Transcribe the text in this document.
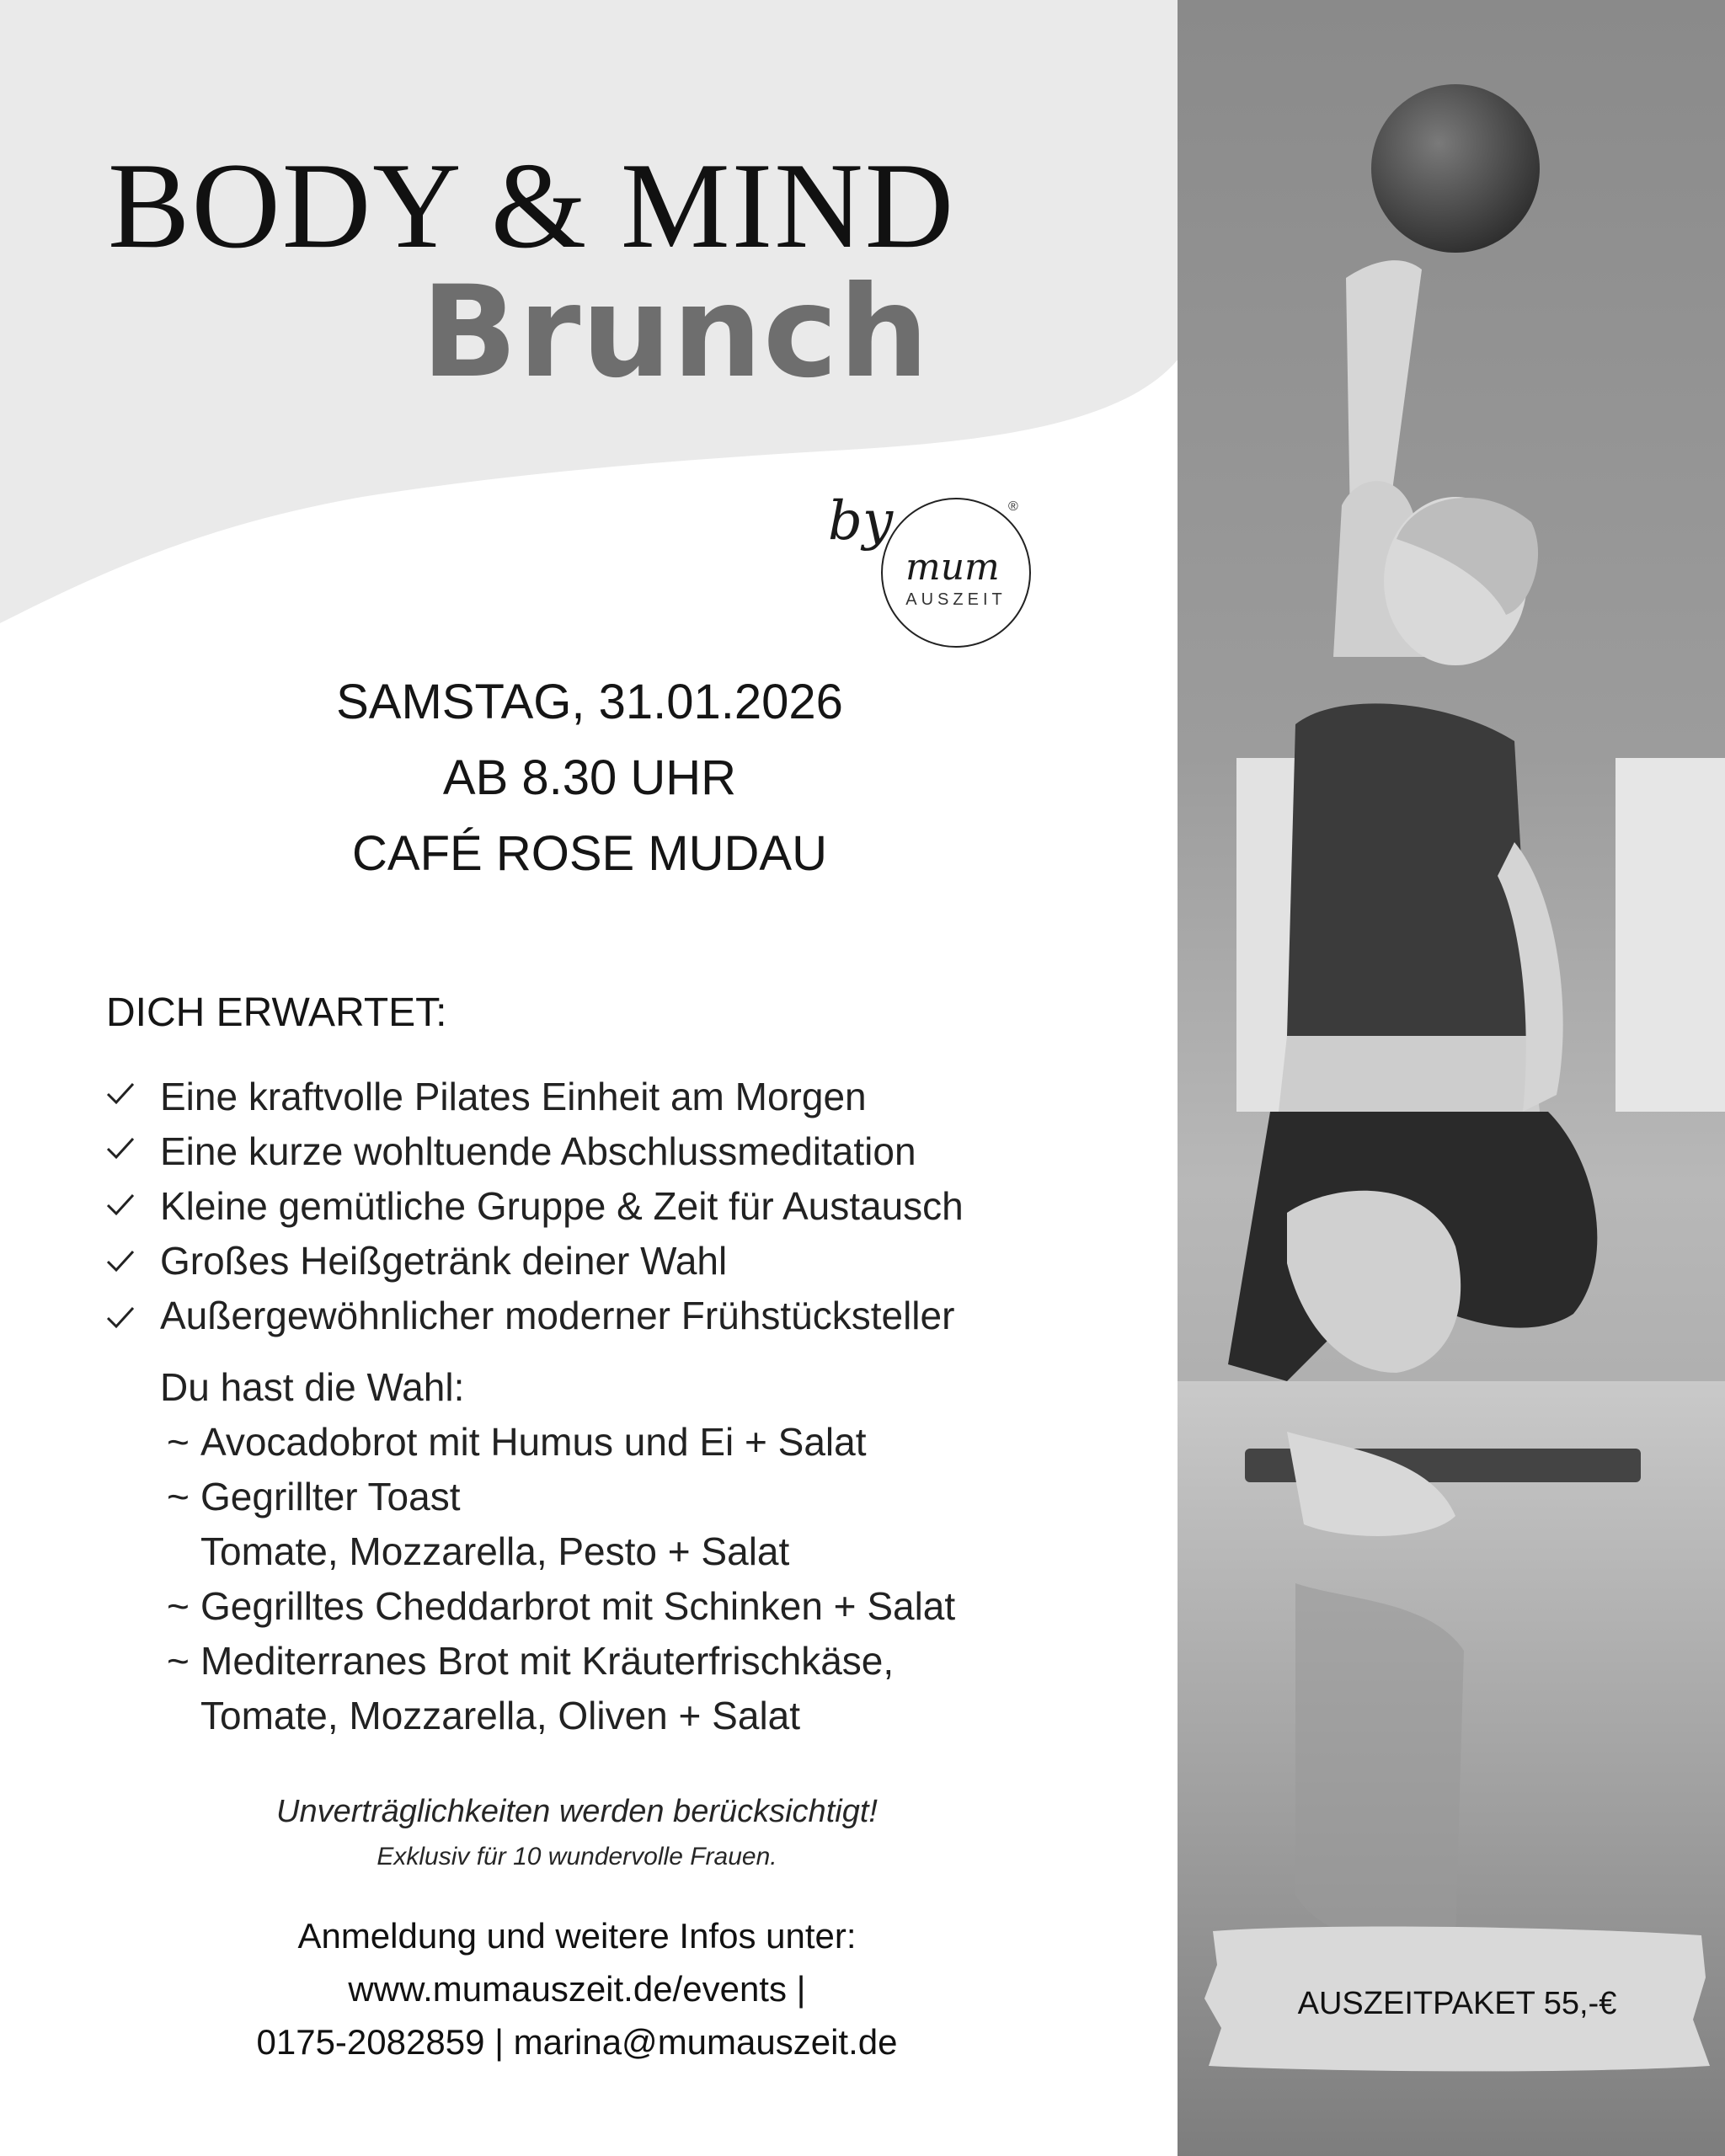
BODY & MIND
Brunch
by
mum
AUSZEIT
®
SAMSTAG, 31.01.2026
AB 8.30 UHR
CAFÉ ROSE MUDAU
DICH ERWARTET:
Eine kraftvolle Pilates Einheit am Morgen
Eine kurze wohltuende Abschlussmeditation
Kleine gemütliche Gruppe & Zeit für Austausch
Großes Heißgetränk deiner Wahl
Außergewöhnlicher moderner Frühstücksteller
Du hast die Wahl:
~ Avocadobrot mit Humus und Ei + Salat
~ Gegrillter Toast
Tomate, Mozzarella, Pesto + Salat
~ Gegrilltes Cheddarbrot mit Schinken + Salat
~ Mediterranes Brot mit Kräuterfrischkäse,
Tomate, Mozzarella, Oliven + Salat
Unverträglichkeiten werden berücksichtigt!
Exklusiv für 10 wundervolle Frauen.
Anmeldung und weitere Infos unter:
www.mumauszeit.de/events |
0175-2082859 | marina@mumauszeit.de
AUSZEITPAKET 55,-€
